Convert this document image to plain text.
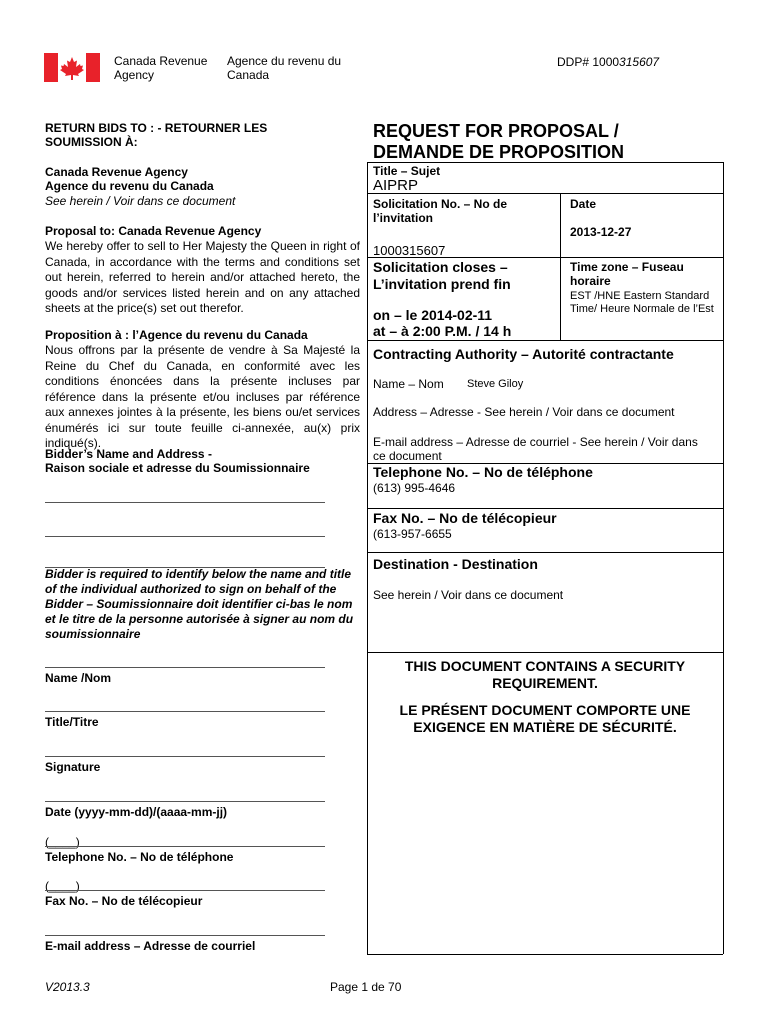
Canada Revenue
Agency
Agence du revenu du
Canada
DDP# 1000315607
RETURN BIDS TO : - RETOURNER LES SOUMISSION À:
Canada Revenue Agency
Agence du revenu du Canada
See herein / Voir dans ce document
Proposal to: Canada Revenue Agency
We hereby offer to sell to Her Majesty the Queen in right of Canada, in accordance with the terms and conditions set out herein, referred to herein and/or attached hereto, the goods and/or services listed herein and on any attached sheets at the price(s) set out therefor.
Proposition à : l’Agence du revenu du Canada
Nous offrons par la présente de vendre à Sa Majesté la Reine du Chef du Canada, en conformité avec les conditions énoncées dans la présente incluses par référence dans la présente et/ou incluses par référence aux annexes jointes à la présente, les biens ou/et services énumérés ici sur toute feuille ci-annexée, au(x) prix indiqué(s).
Bidder’s Name and Address -
Raison sociale et adresse du Soumissionnaire
Bidder is required to identify below the name and title of the individual authorized to sign on behalf of the Bidder – Soumissionnaire doit identifier ci-bas le nom et le titre de la personne autorisée à signer au nom du soumissionnaire
Name /Nom
Title/Titre
Signature
Date (yyyy-mm-dd)/(aaaa-mm-jj)
(____)
Telephone No. – No de téléphone
(____)
Fax No. – No de télécopieur
E-mail address – Adresse de courriel
REQUEST FOR PROPOSAL /
DEMANDE DE PROPOSITION
Title – Sujet
AIPRP
Solicitation No. – No de l’invitation
1000315607
Date
2013-12-27
Solicitation closes – L’invitation prend fin
on – le 2014-02-11
at – à 2:00 P.M. / 14 h
Time zone – Fuseau horaire
EST /HNE Eastern Standard Time/ Heure Normale de l’Est
Contracting Authority – Autorité contractante
Name – Nom Steve Giloy
Address – Adresse - See herein / Voir dans ce document
E-mail address – Adresse de courriel - See herein / Voir dans ce document
Telephone No. – No de téléphone
(613) 995-4646
Fax No. – No de télécopieur
(613-957-6655
Destination - Destination
See herein / Voir dans ce document
THIS DOCUMENT CONTAINS A SECURITY REQUIREMENT.
LE PRÉSENT DOCUMENT COMPORTE UNE EXIGENCE EN MATIÈRE DE SÉCURITÉ.
V2013.3	Page 1 de 70
